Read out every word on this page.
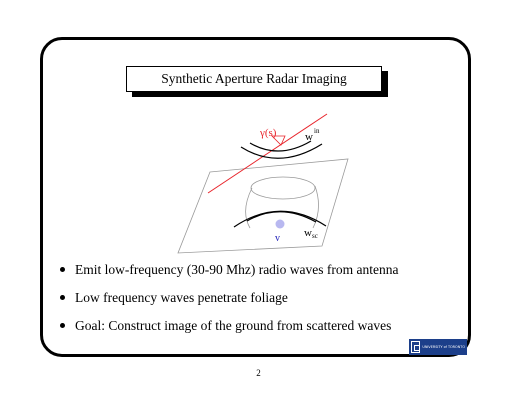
Synthetic Aperture Radar Imaging
γ(s)	w in
v w sc
Emit low-frequency (30-90 Mhz) radio waves from antenna
Low frequency waves penetrate foliage
Goal: Construct image of the ground from scattered waves
UNIVERSITY of TORONTO
2
